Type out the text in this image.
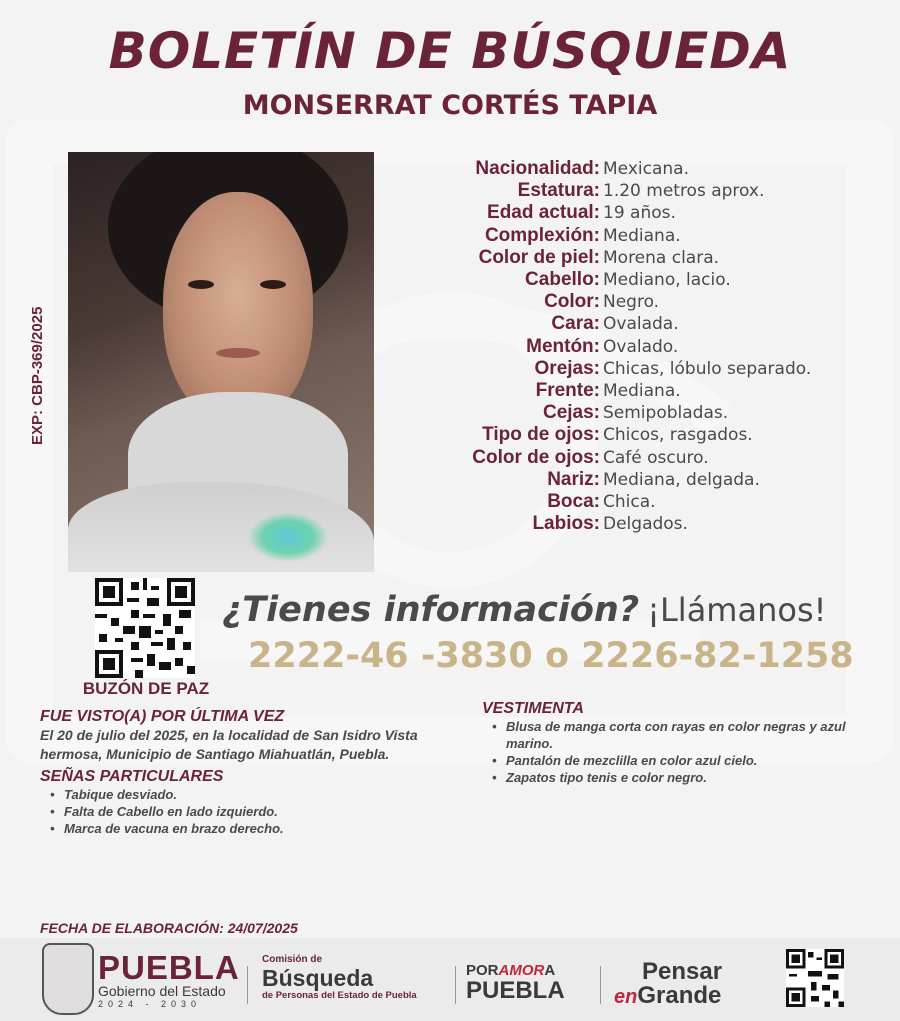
BOLETÍN DE BÚSQUEDA
MONSERRAT CORTÉS TAPIA
EXP: CBP-369/2025
Nacionalidad: Mexicana.
Estatura: 1.20 metros aprox.
Edad actual: 19 años.
Complexión: Mediana.
Color de piel: Morena clara.
Cabello: Mediano, lacio.
Color: Negro.
Cara: Ovalada.
Mentón: Ovalado.
Orejas: Chicas, lóbulo separado.
Frente: Mediana.
Cejas: Semipobladas.
Tipo de ojos: Chicos, rasgados.
Color de ojos: Café oscuro.
Nariz: Mediana, delgada.
Boca: Chica.
Labios: Delgados.
BUZÓN DE PAZ
¿Tienes información? ¡Llámanos!
2222-46 -3830 o 2226-82-1258
FUE VISTO(A) POR ÚLTIMA VEZ
El 20 de julio del 2025, en la localidad de San Isidro Vista hermosa, Municipio de Santiago Miahuatlán, Puebla.
SEÑAS PARTICULARES
• Tabique desviado.
• Falta de Cabello en lado izquierdo.
• Marca de vacuna en brazo derecho.
VESTIMENTA
• Blusa de manga corta con rayas en color negras y azul marino.
• Pantalón de mezclilla en color azul cielo.
• Zapatos tipo tenis e color negro.
FECHA DE ELABORACIÓN: 24/07/2025
PUEBLA
Gobierno del Estado
2024 - 2030
Comisión de
Búsqueda
de Personas del Estado de Puebla
PORAMORA
PUEBLA
Pensar
enGrande
